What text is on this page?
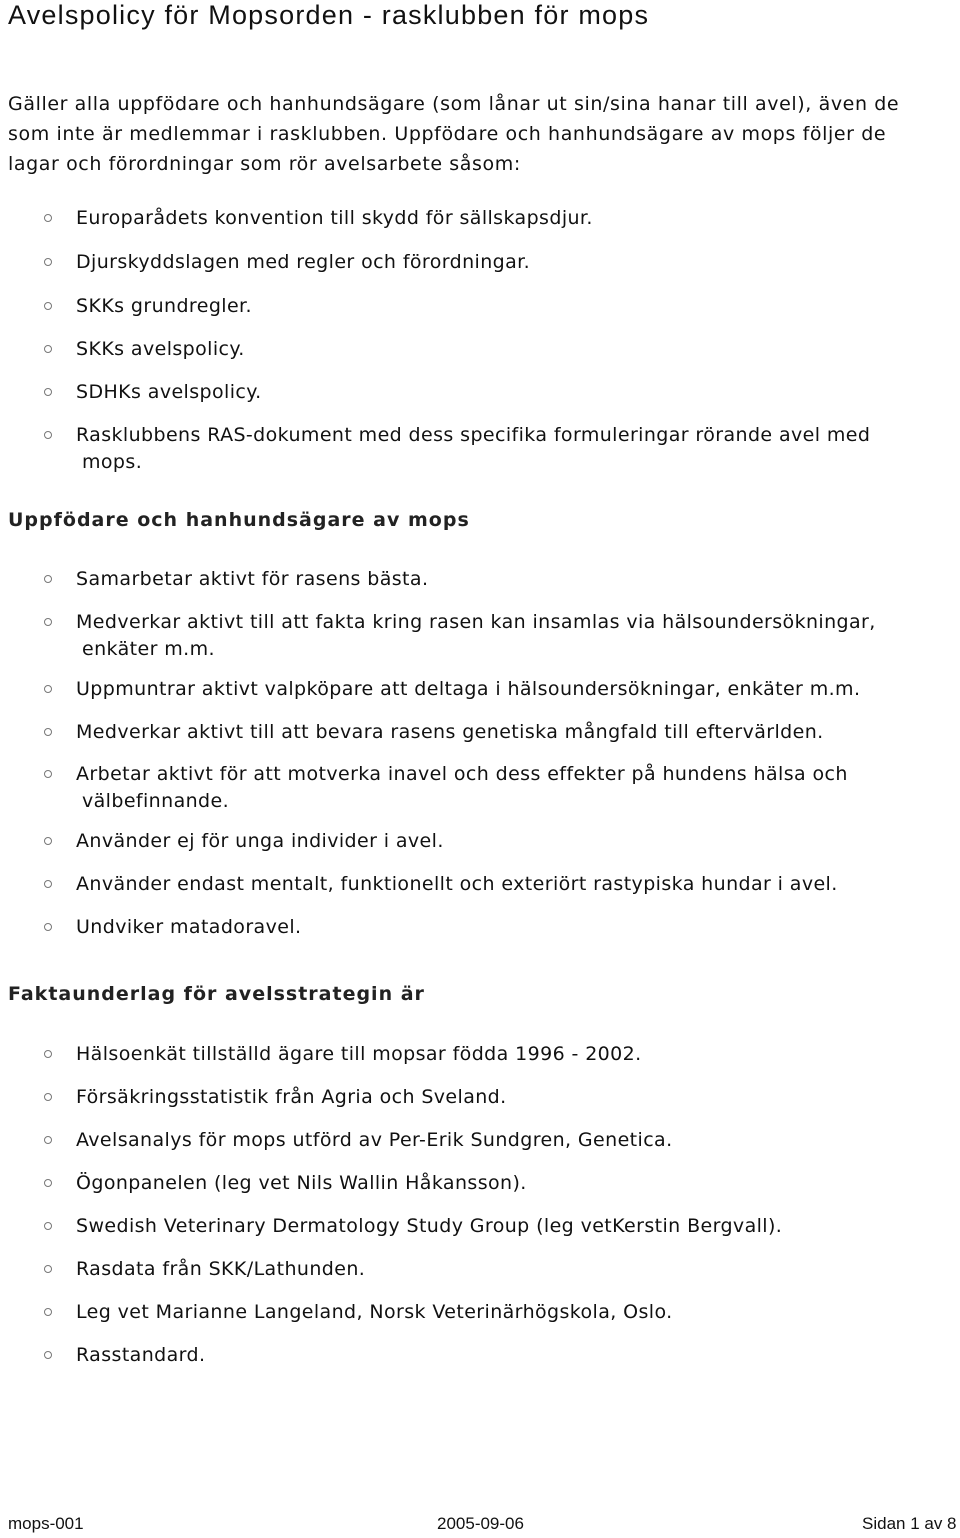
Avelspolicy för Mopsorden - rasklubben för mops

Gäller alla uppfödare och hanhundsägare (som lånar ut sin/sina hanar till avel), även de
som inte är medlemmar i rasklubben. Uppfödare och hanhundsägare av mops följer de
lagar och förordningar som rör avelsarbete såsom:

Europarådets konvention till skydd för sällskapsdjur.
Djurskyddslagen med regler och förordningar.
SKKs grundregler.
SKKs avelspolicy.
SDHKs avelspolicy.
Rasklubbens RAS-dokument med dess specifika formuleringar rörande avel med
mops.
Uppfödare och hanhundsägare av mops
Samarbetar aktivt för rasens bästa.
Medverkar aktivt till att fakta kring rasen kan insamlas via hälsoundersökningar,
enkäter m.m.
Uppmuntrar aktivt valpköpare att deltaga i hälsoundersökningar, enkäter m.m.
Medverkar aktivt till att bevara rasens genetiska mångfald till eftervärlden.
Arbetar aktivt för att motverka inavel och dess effekter på hundens hälsa och
välbefinnande.
Använder ej för unga individer i avel.
Använder endast mentalt, funktionellt och exteriört rastypiska hundar i avel.
Undviker matadoravel.
Faktaunderlag för avelsstrategin är
Hälsoenkät tillställd ägare till mopsar födda 1996 - 2002.
Försäkringsstatistik från Agria och Sveland.
Avelsanalys för mops utförd av Per-Erik Sundgren, Genetica.
Ögonpanelen (leg vet Nils Wallin Håkansson).
Swedish Veterinary Dermatology Study Group (leg vetKerstin Bergvall).
Rasdata från SKK/Lathunden.
Leg vet Marianne Langeland, Norsk Veterinärhögskola, Oslo.
Rasstandard.
mops-001	2005-09-06	Sidan 1 av 8
